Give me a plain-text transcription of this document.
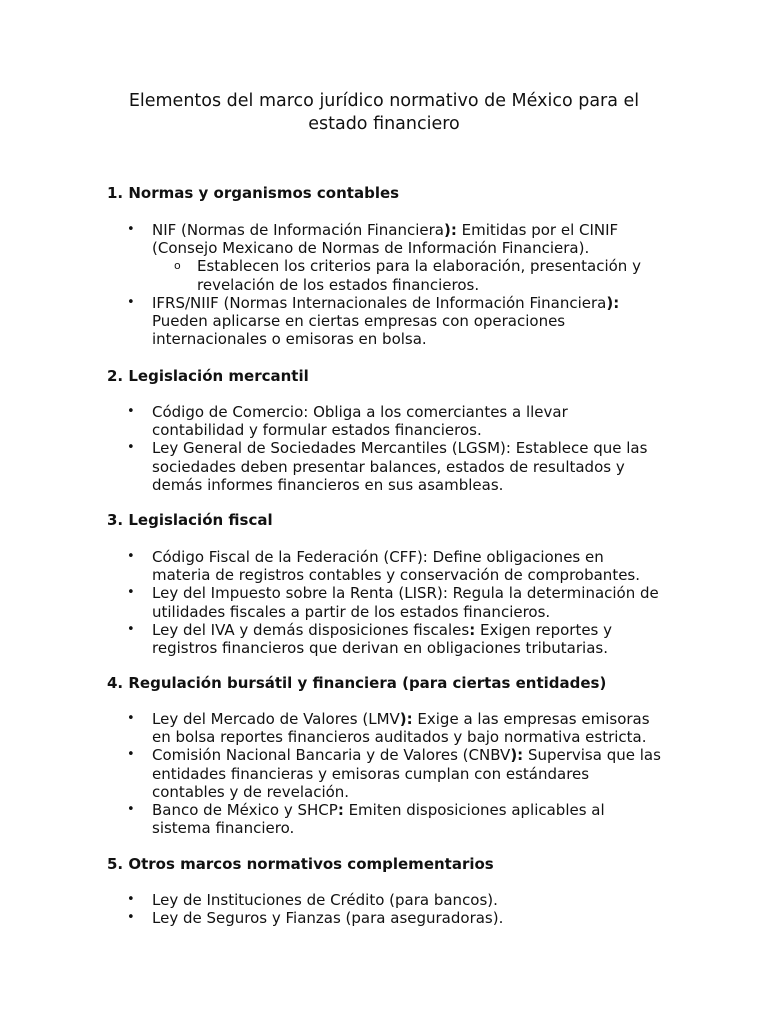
Elementos del marco jurídico normativo de México para el estado financiero
1. Normas y organismos contables
• NIF (Normas de Información Financiera): Emitidas por el CINIF (Consejo Mexicano de Normas de Información Financiera).
o Establecen los criterios para la elaboración, presentación y revelación de los estados financieros.
• IFRS/NIIF (Normas Internacionales de Información Financiera): Pueden aplicarse en ciertas empresas con operaciones internacionales o emisoras en bolsa.
2. Legislación mercantil
• Código de Comercio: Obliga a los comerciantes a llevar contabilidad y formular estados financieros.
• Ley General de Sociedades Mercantiles (LGSM): Establece que las sociedades deben presentar balances, estados de resultados y demás informes financieros en sus asambleas.
3. Legislación fiscal
• Código Fiscal de la Federación (CFF): Define obligaciones en materia de registros contables y conservación de comprobantes.
• Ley del Impuesto sobre la Renta (LISR): Regula la determinación de utilidades fiscales a partir de los estados financieros.
• Ley del IVA y demás disposiciones fiscales: Exigen reportes y registros financieros que derivan en obligaciones tributarias.
4. Regulación bursátil y financiera (para ciertas entidades)
• Ley del Mercado de Valores (LMV): Exige a las empresas emisoras en bolsa reportes financieros auditados y bajo normativa estricta.
• Comisión Nacional Bancaria y de Valores (CNBV): Supervisa que las entidades financieras y emisoras cumplan con estándares contables y de revelación.
• Banco de México y SHCP: Emiten disposiciones aplicables al sistema financiero.
5. Otros marcos normativos complementarios
• Ley de Instituciones de Crédito (para bancos).
• Ley de Seguros y Fianzas (para aseguradoras).
